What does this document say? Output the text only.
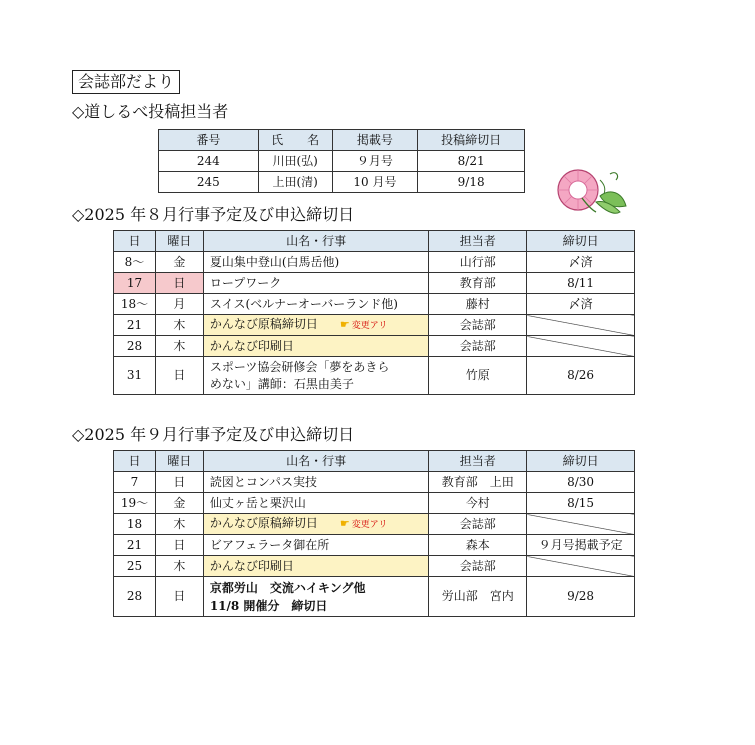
会誌部だより
◇道しるべ投稿担当者
番号	氏　　名	掲載号	投稿締切日
244	川田(弘)	９月号	8/21
245	上田(清)	10 月号	9/18
◇2025 年８月行事予定及び申込締切日
日	曜日	山名・行事	担当者	締切日
8～	金	夏山集中登山(白馬岳他)	山行部	〆済
17	日	ロープワーク	教育部	8/11
18～	月	スイス(ベルナーオーバーランド他)	藤村	〆済
21	木	かんなび原稿締切日 ☛ 変更アリ	会誌部	
28	木	かんなび印刷日	会誌部	
31	日	スポーツ協会研修会「夢をあきら
めない」講師：石黒由美子	竹原	8/26
◇2025 年９月行事予定及び申込締切日
日	曜日	山名・行事	担当者	締切日
7	日	読図とコンパス実技	教育部　上田	8/30
19～	金	仙丈ヶ岳と栗沢山	今村	8/15
18	木	かんなび原稿締切日 ☛ 変更アリ	会誌部	
21	日	ビアフェラータ御在所	森本	９月号掲載予定
25	木	かんなび印刷日	会誌部	
28	日	京都労山　交流ハイキング他
11/8 開催分　締切日	労山部　宮内	9/28
